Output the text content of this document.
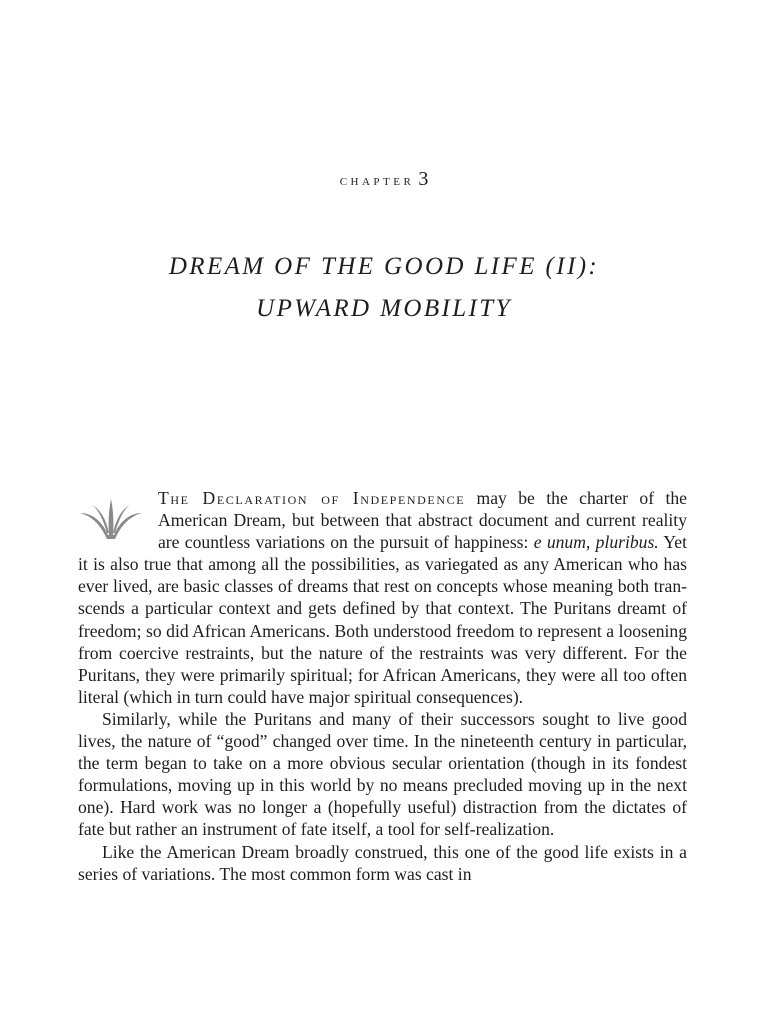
chapter 3
DREAM OF THE GOOD LIFE (II):
UPWARD MOBILITY

The Declaration of Independence may be the charter of the American Dream, but between that abstract document and current reality are countless variations on the pursuit of happiness: e unum, pluribus. Yet it is also true that among all the possibilities, as variegated as any American who has ever lived, are basic classes of dreams that rest on concepts whose meaning both transcends a particular context and gets defined by that context. The Puritans dreamt of freedom; so did African Americans. Both understood freedom to represent a loosening from coercive restraints, but the nature of the restraints was very different. For the Puritans, they were primarily spiritual; for African Americans, they were all too often literal (which in turn could have major spiritual consequences).

Similarly, while the Puritans and many of their successors sought to live good lives, the nature of “good” changed over time. In the nineteenth century in particular, the term began to take on a more obvious secular orientation (though in its fondest formulations, moving up in this world by no means precluded moving up in the next one). Hard work was no longer a (hopefully useful) distraction from the dictates of fate but rather an instrument of fate itself, a tool for self-realization.

Like the American Dream broadly construed, this one of the good life exists in a series of variations. The most common form was cast in
